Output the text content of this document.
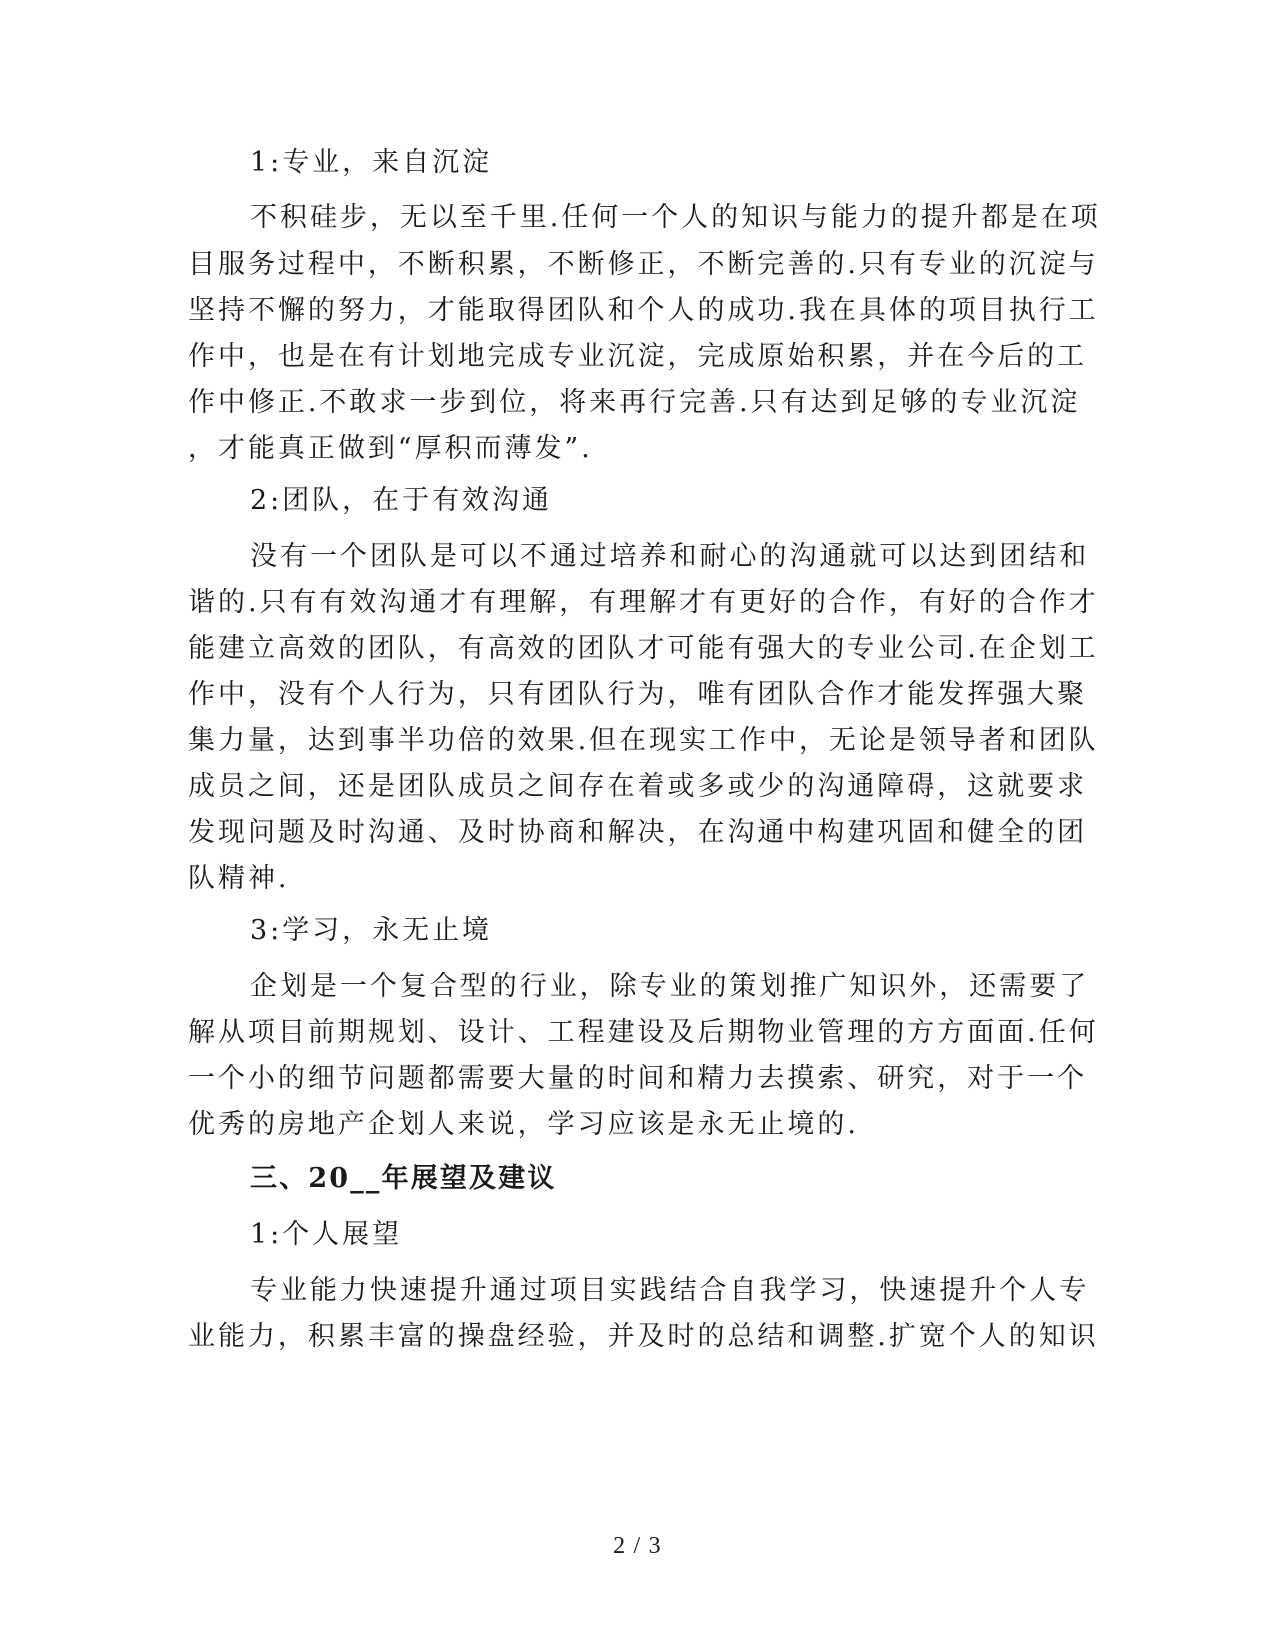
1:专业，来自沉淀
不积硅步，无以至千里.任何一个人的知识与能力的提升都是在项
目服务过程中，不断积累，不断修正，不断完善的.只有专业的沉淀与
坚持不懈的努力，才能取得团队和个人的成功.我在具体的项目执行工
作中，也是在有计划地完成专业沉淀，完成原始积累，并在今后的工
作中修正.不敢求一步到位，将来再行完善.只有达到足够的专业沉淀
，才能真正做到“厚积而薄发”.
2:团队，在于有效沟通
没有一个团队是可以不通过培养和耐心的沟通就可以达到团结和
谐的.只有有效沟通才有理解，有理解才有更好的合作，有好的合作才
能建立高效的团队，有高效的团队才可能有强大的专业公司.在企划工
作中，没有个人行为，只有团队行为，唯有团队合作才能发挥强大聚
集力量，达到事半功倍的效果.但在现实工作中，无论是领导者和团队
成员之间，还是团队成员之间存在着或多或少的沟通障碍，这就要求
发现问题及时沟通、及时协商和解决，在沟通中构建巩固和健全的团
队精神.
3:学习，永无止境
企划是一个复合型的行业，除专业的策划推广知识外，还需要了
解从项目前期规划、设计、工程建设及后期物业管理的方方面面.任何
一个小的细节问题都需要大量的时间和精力去摸索、研究，对于一个
优秀的房地产企划人来说，学习应该是永无止境的.
三、20__年展望及建议
1:个人展望
专业能力快速提升通过项目实践结合自我学习，快速提升个人专
业能力，积累丰富的操盘经验，并及时的总结和调整.扩宽个人的知识
2 / 3
